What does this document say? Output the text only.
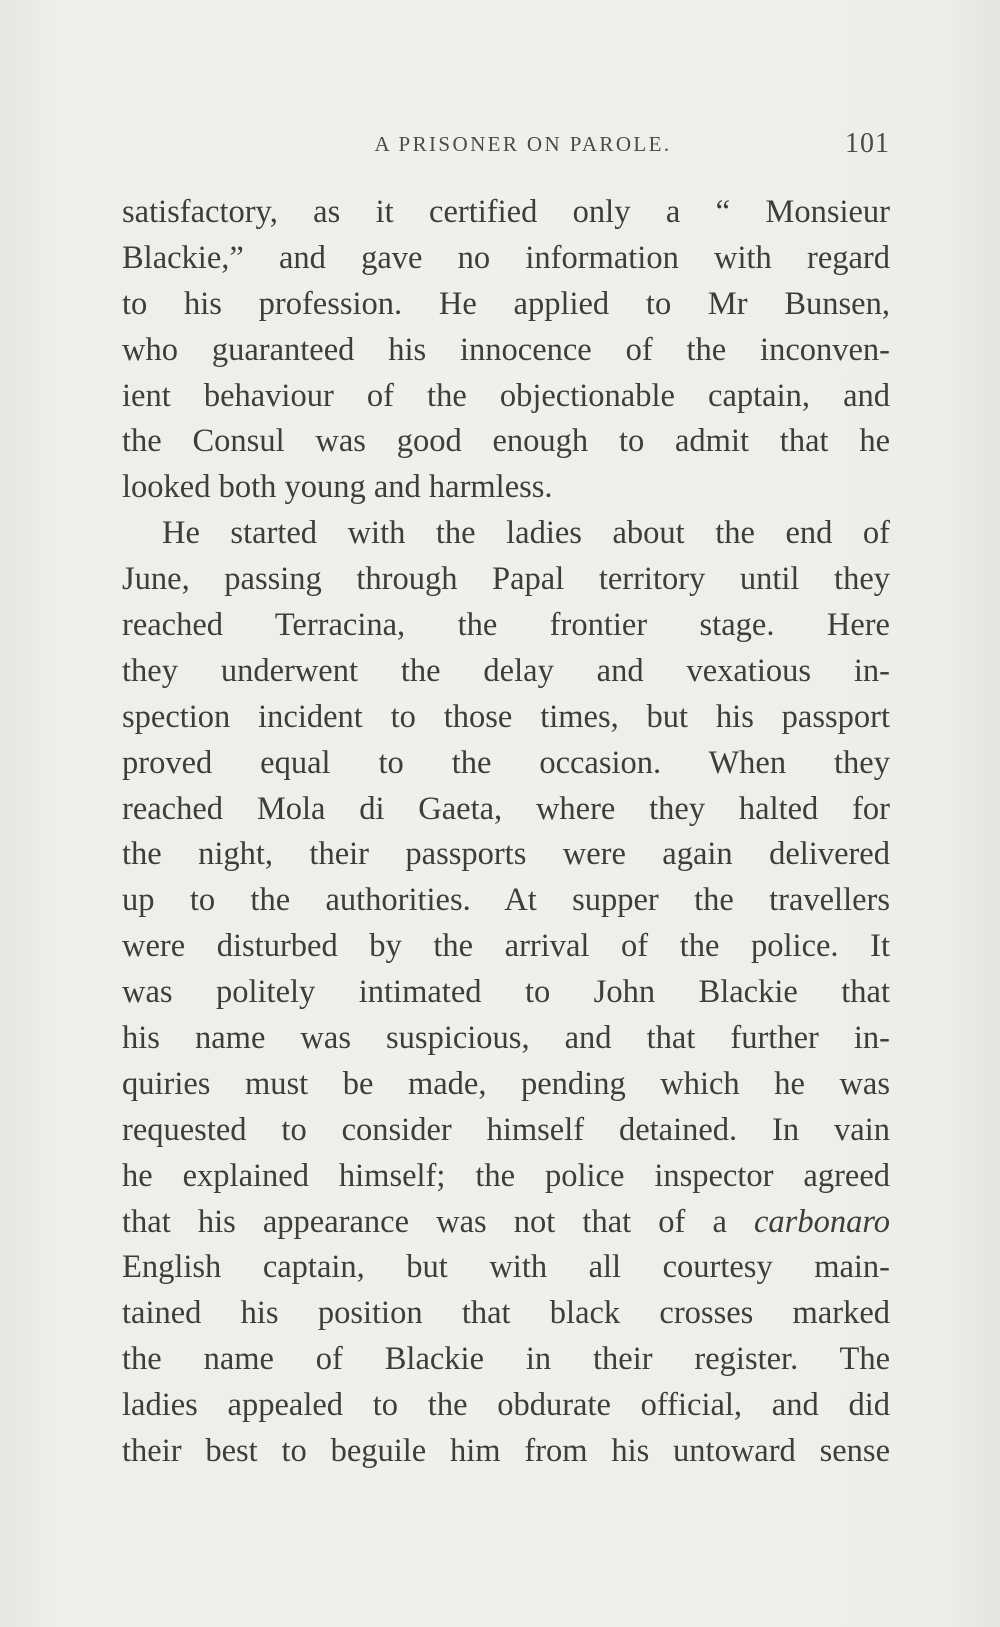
A PRISONER ON PAROLE.	101
satisfactory, as it certified only a “ Monsieur
Blackie,” and gave no information with regard
to his profession. He applied to Mr Bunsen,
who guaranteed his innocence of the inconven-
ient behaviour of the objectionable captain, and
the Consul was good enough to admit that he
looked both young and harmless.
He started with the ladies about the end of
June, passing through Papal territory until they
reached Terracina, the frontier stage. Here
they underwent the delay and vexatious in-
spection incident to those times, but his passport
proved equal to the occasion. When they
reached Mola di Gaeta, where they halted for
the night, their passports were again delivered
up to the authorities. At supper the travellers
were disturbed by the arrival of the police. It
was politely intimated to John Blackie that
his name was suspicious, and that further in-
quiries must be made, pending which he was
requested to consider himself detained. In vain
he explained himself; the police inspector agreed
that his appearance was not that of a carbonaro
English captain, but with all courtesy main-
tained his position that black crosses marked
the name of Blackie in their register. The
ladies appealed to the obdurate official, and did
their best to beguile him from his untoward sense
